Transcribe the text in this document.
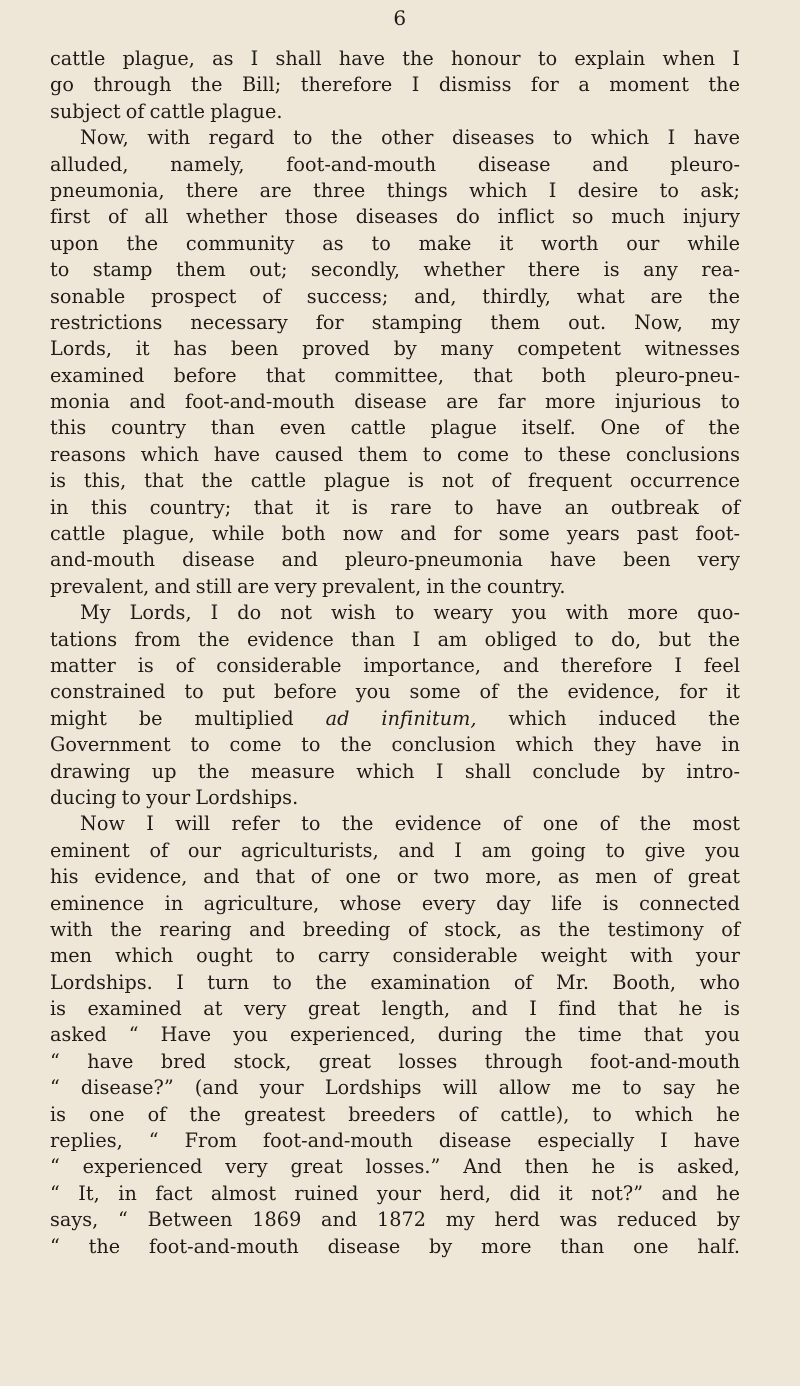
6
cattle plague, as I shall have the honour to explain when I
go through the Bill; therefore I dismiss for a moment the
subject of cattle plague.
Now, with regard to the other diseases to which I have
alluded, namely, foot-and-mouth disease and pleuro-
pneumonia, there are three things which I desire to ask;
first of all whether those diseases do inflict so much injury
upon the community as to make it worth our while
to stamp them out; secondly, whether there is any rea-
sonable prospect of success; and, thirdly, what are the
restrictions necessary for stamping them out. Now, my
Lords, it has been proved by many competent witnesses
examined before that committee, that both pleuro-pneu-
monia and foot-and-mouth disease are far more injurious to
this country than even cattle plague itself. One of the
reasons which have caused them to come to these conclusions
is this, that the cattle plague is not of frequent occurrence
in this country; that it is rare to have an outbreak of
cattle plague, while both now and for some years past foot-
and-mouth disease and pleuro-pneumonia have been very
prevalent, and still are very prevalent, in the country.
My Lords, I do not wish to weary you with more quo-
tations from the evidence than I am obliged to do, but the
matter is of considerable importance, and therefore I feel
constrained to put before you some of the evidence, for it
might be multiplied ad infinitum, which induced the
Government to come to the conclusion which they have in
drawing up the measure which I shall conclude by intro-
ducing to your Lordships.
Now I will refer to the evidence of one of the most
eminent of our agriculturists, and I am going to give you
his evidence, and that of one or two more, as men of great
eminence in agriculture, whose every day life is connected
with the rearing and breeding of stock, as the testimony of
men which ought to carry considerable weight with your
Lordships. I turn to the examination of Mr. Booth, who
is examined at very great length, and I find that he is
asked “ Have you experienced, during the time that you
“ have bred stock, great losses through foot-and-mouth
“ disease?” (and your Lordships will allow me to say he
is one of the greatest breeders of cattle), to which he
replies, “ From foot-and-mouth disease especially I have
“ experienced very great losses.” And then he is asked,
“ It, in fact almost ruined your herd, did it not?” and he
says, “ Between 1869 and 1872 my herd was reduced by
“ the foot-and-mouth disease by more than one half.
